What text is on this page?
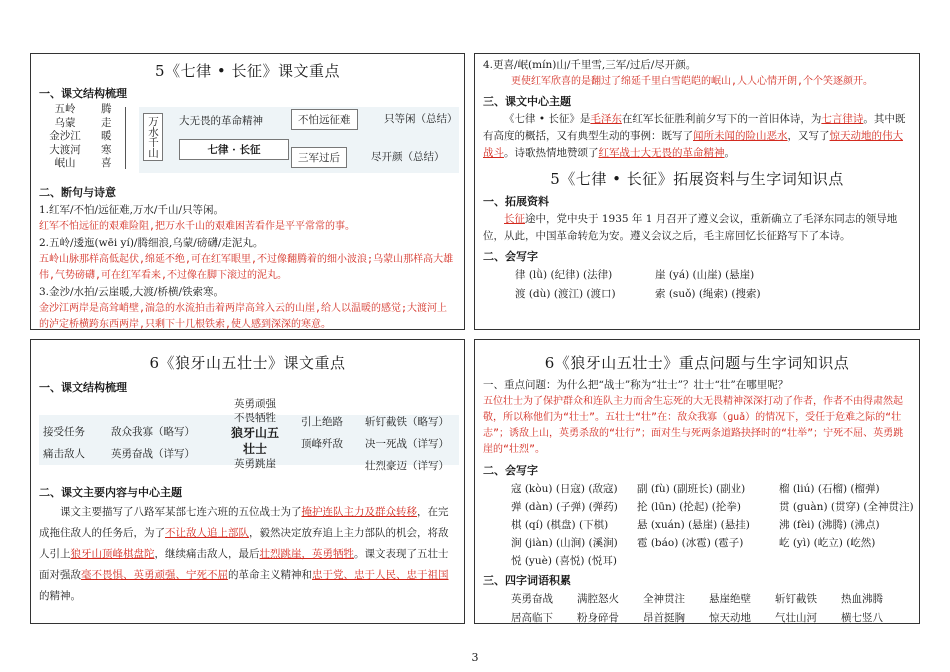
5《七律 • 长征》课文重点
一、课文结构梳理
五岭
乌蒙
金沙江
大渡河
岷山
腾
走
暖
寒
喜
万水千山	大无畏的革命精神
七律 · 长征
不怕远征难	只等闲（总结）
三军过后	尽开颜（总结）
二、断句与诗意
1.红军/不怕/远征难,万水/千山/只等闲。
红军不怕远征的艰难险阻,把万水千山的艰难困苦看作是平平常常的事。
2.五岭/逶迤(wēi yí)/腾细浪,乌蒙/磅礴/走泥丸。
五岭山脉那样高低起伏,绵延不绝,可在红军眼里,不过像翻腾着的细小波浪;乌蒙山那样高大雄伟,气势磅礴,可在红军看来,不过像在脚下滚过的泥丸。
3.金沙/水拍/云崖暖,大渡/桥横/铁索寒。
金沙江两岸是高耸峭壁,湍急的水流拍击着两岸高耸入云的山崖,给人以温暖的感觉;大渡河上的泸定桥横跨东西两岸,只剩下十几根铁索,使人感到深深的寒意。
4.更喜/岷(mín)山/千里雪,三军/过后/尽开颜。
更使红军欣喜的是翻过了绵延千里白雪皑皑的岷山,人人心情开朗,个个笑逐颜开。
三、课文中心主题
《七律 • 长征》是毛泽东在红军长征胜利前夕写下的一首旧体诗，为七言律诗。其中既有高度的概括，又有典型生动的事例：既写了闻所未闻的险山恶水，又写了惊天动地的伟大战斗。诗歌热情地赞颂了红军战士大无畏的革命精神。
5《七律 • 长征》拓展资料与生字词知识点
一、拓展资料
长征途中，党中央于 1935 年 1 月召开了遵义会议，重新确立了毛泽东同志的领导地位，从此，中国革命转危为安。遵义会议之后，毛主席回忆长征路写下了本诗。
二、会写字
律 (lǜ) (纪律) (法律)	崖 (yá) (山崖) (悬崖)
渡 (dù) (渡江) (渡口)	索 (suǒ) (绳索) (搜索)
6《狼牙山五壮士》课文重点
一、课文结构梳理
接受任务
痛击敌人
敌众我寡（略写）
英勇奋战（详写）
英勇顽强
不畏牺牲
狼牙山五壮士
英勇跳崖
引上绝路
顶峰歼敌
斩钉截铁（略写）
决一死战（详写）
壮烈豪迈（详写）
二、课文主要内容与中心主题
课文主要描写了八路军某部七连六班的五位战士为了掩护连队主力及群众转移，在完成拖住敌人的任务后，为了不让敌人追上部队，毅然决定放弃追上主力部队的机会，将敌人引上狼牙山顶峰棋盘陀，继续痛击敌人，最后壮烈跳崖，英勇牺牲。课文表现了五壮士面对强敌毫不畏惧、英勇顽强、宁死不屈的革命主义精神和忠于党、忠于人民、忠于祖国的精神。
6《狼牙山五壮士》重点问题与生字词知识点
一、重点问题：为什么把“战士”称为“壮士”？壮士“壮”在哪里呢？
五位壮士为了保护群众和连队主力而舍生忘死的大无畏精神深深打动了作者，作者不由得肃然起敬，所以称他们为“壮士”。五壮士“壮”在：敌众我寡（ɡuǎ）的情况下，受任于危难之际的“壮志”；诱敌上山，英勇杀敌的“壮行”；面对生与死两条道路抉择时的“壮举”；宁死不屈、英勇跳崖的“壮烈”。
二、会写字
寇 (kòu) (日寇) (敌寇) 副 (fù) (副班长) (副业)	榴 (liú) (石榴) (榴弹)
弹 (dàn) (子弹) (弹药) 抡 (lūn) (抡起) (抡拳)	贯 (guàn) (贯穿) (全神贯注)
棋 (qí) (棋盘) (下棋)	悬 (xuán) (悬崖) (悬挂)	沸 (fèi) (沸腾) (沸点)
涧 (jiàn) (山涧) (溪涧) 雹 (báo) (冰雹) (雹子)	屹 (yì) (屹立) (屹然)
悦 (yuè) (喜悦) (悦耳)
三、四字词语积累
英勇奋战 满腔怒火 全神贯注 悬崖绝壁 斩钉截铁 热血沸腾
居高临下 粉身碎骨 昂首挺胸 惊天动地 气壮山河 横七竖八
3
